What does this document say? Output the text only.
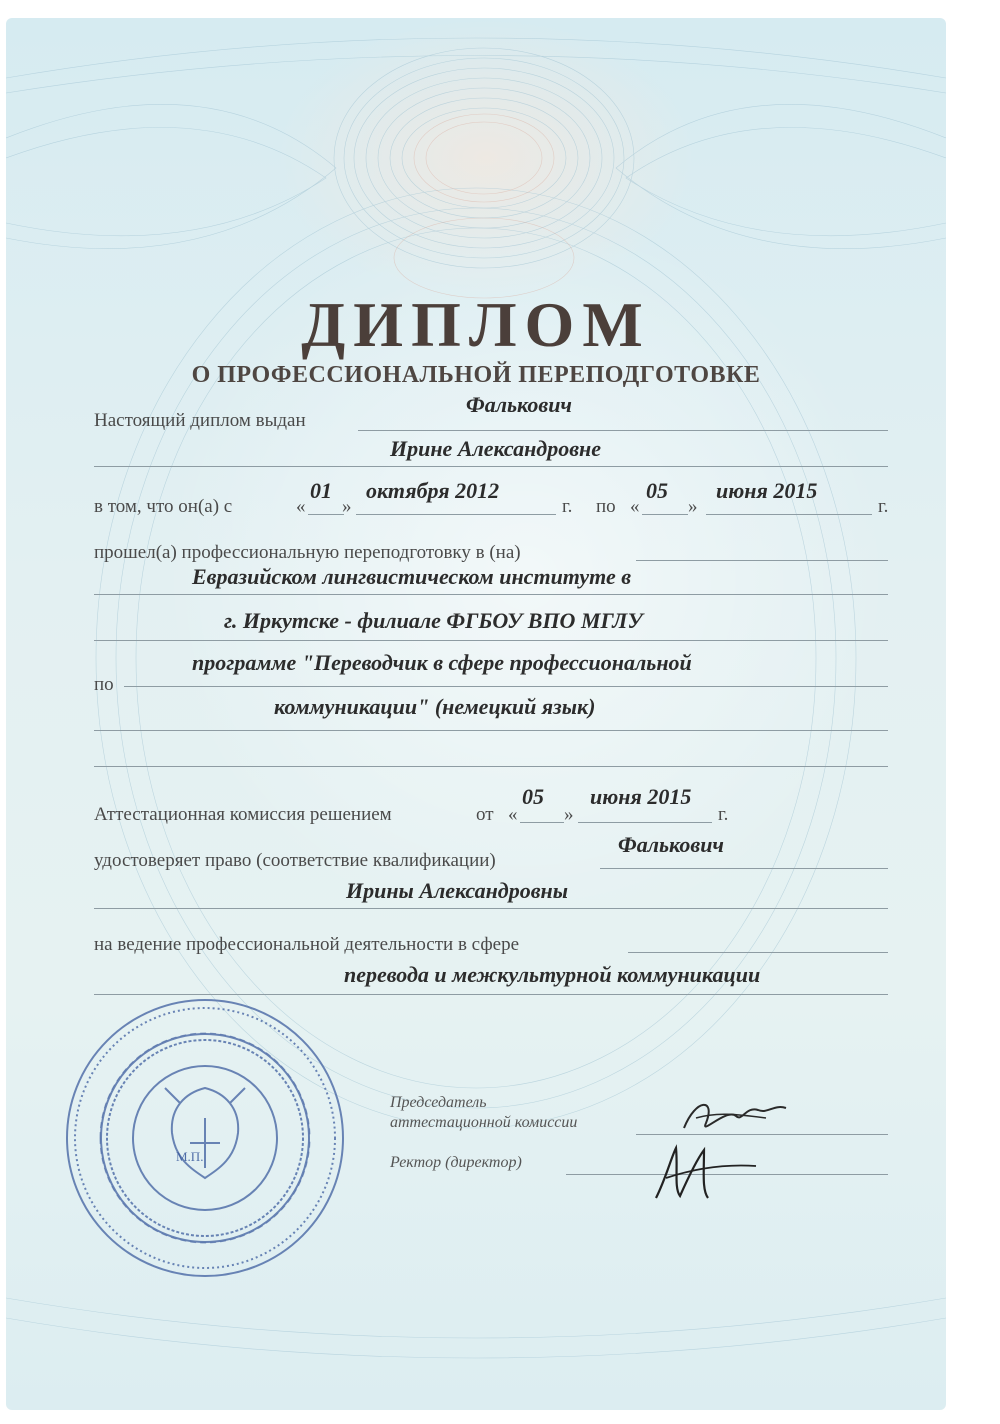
ДИПЛОМ
О ПРОФЕССИОНАЛЬНОЙ ПЕРЕПОДГОТОВКЕ
Настоящий диплом выдан
Фалькович
Ирине Александровне
в том, что он(а) с	«
01
»
октября 2012
г. по «
05
»
июня 2015
г.
прошел(а) профессиональную переподготовку в (на)
Евразийском лингвистическом институте в
г. Иркутске - филиале ФГБОУ ВПО МГЛУ
программе "Переводчик в сфере профессиональной
по
коммуникации" (немецкий язык)
Аттестационная комиссия решением	от «
05
»
июня 2015
г.
удостоверяет право (соответствие квалификации)
Фалькович
Ирины Александровны
на ведение профессиональной деятельности в сфере
перевода и межкультурной коммуникации
М.П.
Председатель
аттестационной комиссии
Ректор (директор)
